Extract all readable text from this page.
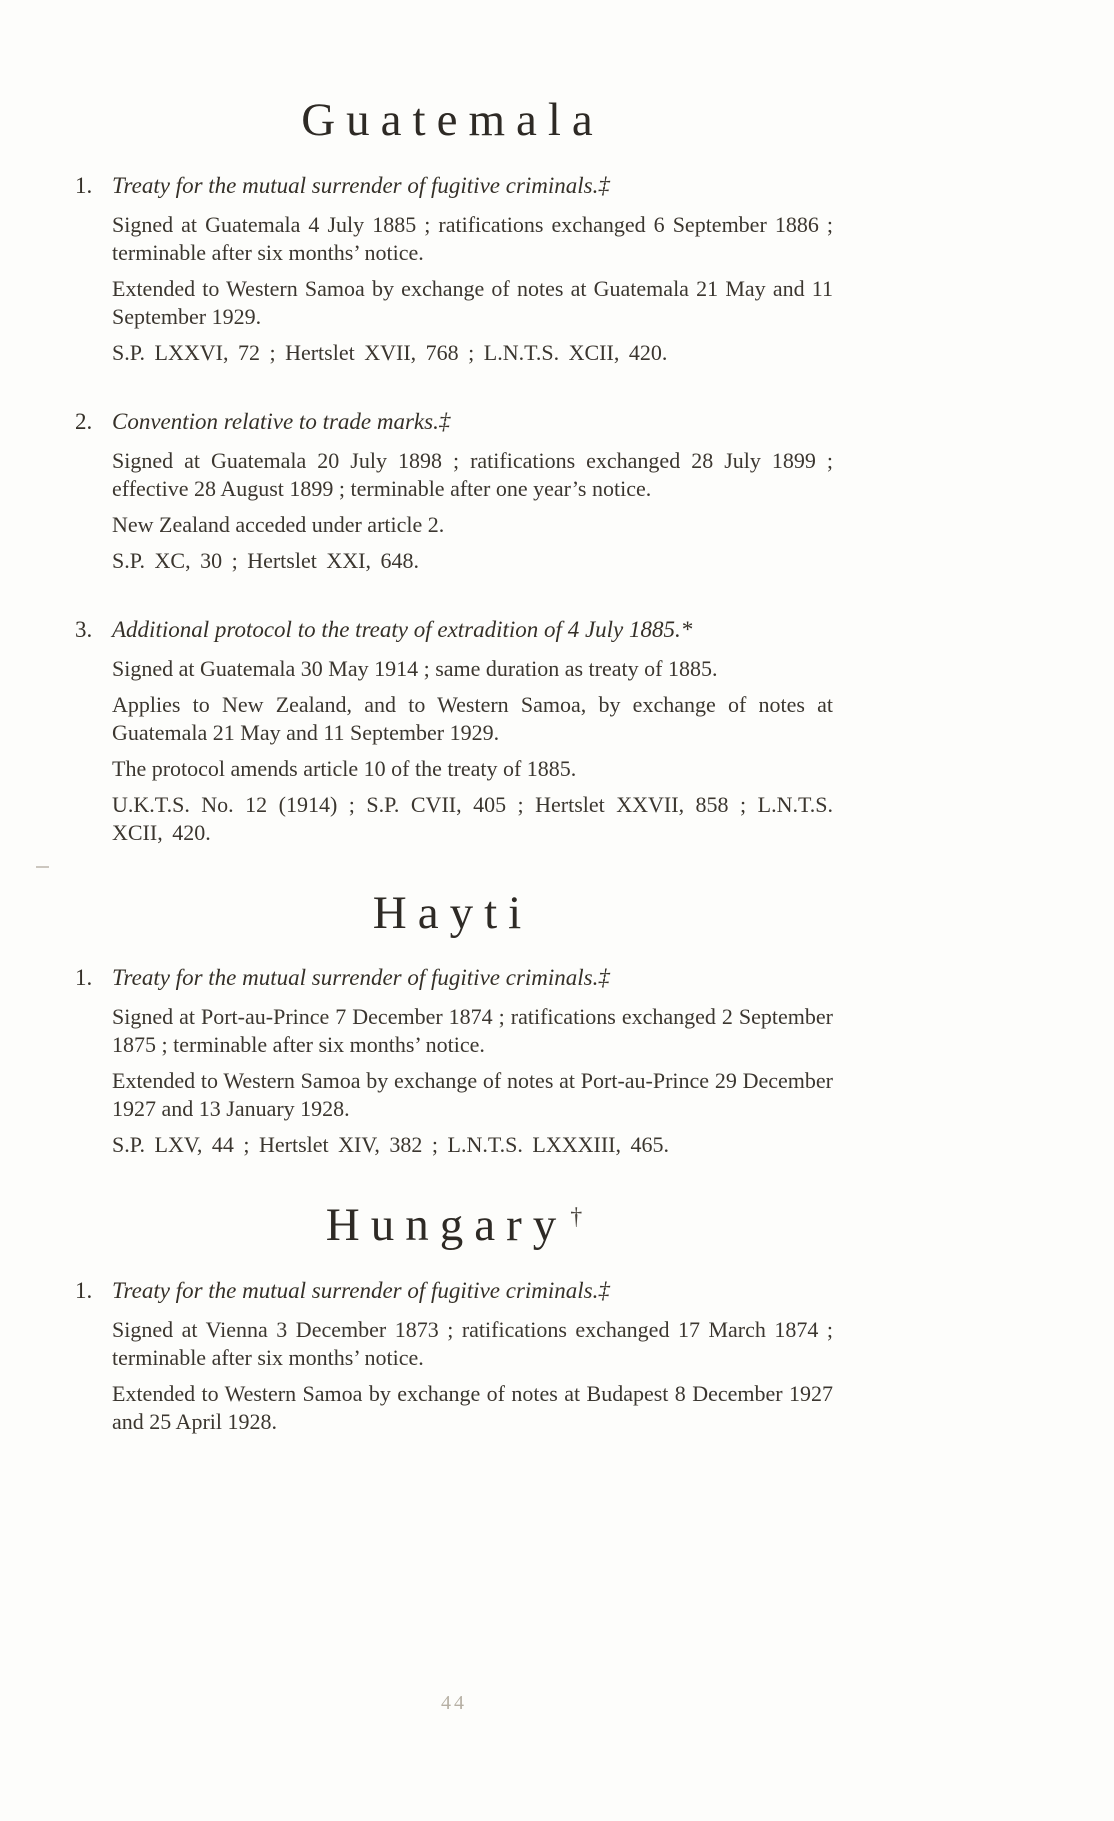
Guatemala
1. Treaty for the mutual surrender of fugitive criminals.‡

Signed at Guatemala 4 July 1885 ; ratifications exchanged 6 September 1886 ; terminable after six months’ notice.

Extended to Western Samoa by exchange of notes at Guatemala 21 May and 11 September 1929.

S.P. LXXVI, 72 ; Hertslet XVII, 768 ; L.N.T.S. XCII, 420.

2. Convention relative to trade marks.‡

Signed at Guatemala 20 July 1898 ; ratifications exchanged 28 July 1899 ; effective 28 August 1899 ; terminable after one year’s notice.

New Zealand acceded under article 2.

S.P. XC, 30 ; Hertslet XXI, 648.

3. Additional protocol to the treaty of extradition of 4 July 1885.*

Signed at Guatemala 30 May 1914 ; same duration as treaty of 1885.

Applies to New Zealand, and to Western Samoa, by exchange of notes at Guatemala 21 May and 11 September 1929.

The protocol amends article 10 of the treaty of 1885.

U.K.T.S. No. 12 (1914) ; S.P. CVII, 405 ; Hertslet XXVII, 858 ; L.N.T.S. XCII, 420.

Hayti
1. Treaty for the mutual surrender of fugitive criminals.‡

Signed at Port-au-Prince 7 December 1874 ; ratifications exchanged 2 September 1875 ; terminable after six months’ notice.

Extended to Western Samoa by exchange of notes at Port-au-Prince 29 December 1927 and 13 January 1928.

S.P. LXV, 44 ; Hertslet XIV, 382 ; L.N.T.S. LXXXIII, 465.

Hungary †
1. Treaty for the mutual surrender of fugitive criminals.‡

Signed at Vienna 3 December 1873 ; ratifications exchanged 17 March 1874 ; terminable after six months’ notice.

Extended to Western Samoa by exchange of notes at Budapest 8 December 1927 and 25 April 1928.

44
